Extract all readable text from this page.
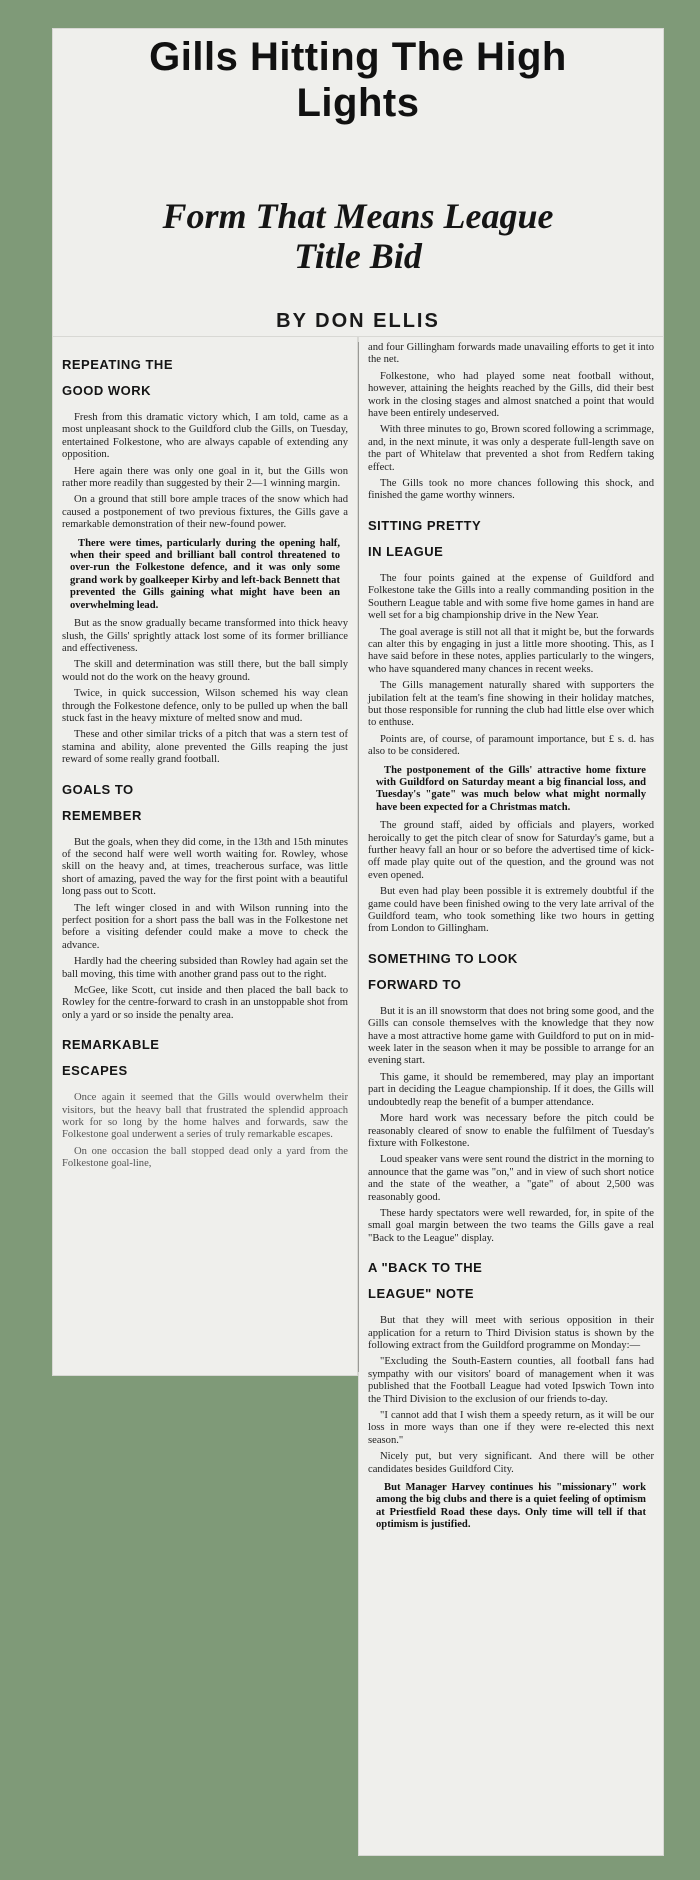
Gills Hitting The High
Lights
Form That Means League
Title Bid
BY DON ELLIS
REPEATING THE
GOOD WORK

Fresh from this dramatic victory which, I am told, came as a most unpleasant shock to the Guildford club the Gills, on Tuesday, entertained Folkestone, who are always capable of extending any opposition.

Here again there was only one goal in it, but the Gills won rather more readily than suggested by their 2—1 winning margin.

On a ground that still bore ample traces of the snow which had caused a postponement of two previous fixtures, the Gills gave a remarkable demonstration of their new-found power.

There were times, particularly during the opening half, when their speed and brilliant ball control threatened to over-run the Folkestone defence, and it was only some grand work by goalkeeper Kirby and left-back Bennett that prevented the Gills gaining what might have been an overwhelming lead.

But as the snow gradually became transformed into thick heavy slush, the Gills' sprightly attack lost some of its former brilliance and effectiveness.

The skill and determination was still there, but the ball simply would not do the work on the heavy ground.

Twice, in quick succession, Wilson schemed his way clean through the Folkestone defence, only to be pulled up when the ball stuck fast in the heavy mixture of melted snow and mud.

These and other similar tricks of a pitch that was a stern test of stamina and ability, alone prevented the Gills reaping the just reward of some really grand football.

GOALS TO
REMEMBER

But the goals, when they did come, in the 13th and 15th minutes of the second half were well worth waiting for. Rowley, whose skill on the heavy and, at times, treacherous surface, was little short of amazing, paved the way for the first point with a beautiful long pass out to Scott.

The left winger closed in and with Wilson running into the perfect position for a short pass the ball was in the Folkestone net before a visiting defender could make a move to check the advance.

Hardly had the cheering subsided than Rowley had again set the ball moving, this time with another grand pass out to the right.

McGee, like Scott, cut inside and then placed the ball back to Rowley for the centre-forward to crash in an unstoppable shot from only a yard or so inside the penalty area.

REMARKABLE
ESCAPES

Once again it seemed that the Gills would overwhelm their visitors, but the heavy ball that frustrated the splendid approach work for so long by the home halves and forwards, saw the Folkestone goal underwent a series of truly remarkable escapes.

On one occasion the ball stopped dead only a yard from the Folkestone goal-line,

and four Gillingham forwards made unavailing efforts to get it into the net.

Folkestone, who had played some neat football without, however, attaining the heights reached by the Gills, did their best work in the closing stages and almost snatched a point that would have been entirely undeserved.

With three minutes to go, Brown scored following a scrimmage, and, in the next minute, it was only a desperate full-length save on the part of Whitelaw that prevented a shot from Redfern taking effect.

The Gills took no more chances following this shock, and finished the game worthy winners.

SITTING PRETTY
IN LEAGUE

The four points gained at the expense of Guildford and Folkestone take the Gills into a really commanding position in the Southern League table and with some five home games in hand are well set for a big championship drive in the New Year.

The goal average is still not all that it might be, but the forwards can alter this by engaging in just a little more shooting. This, as I have said before in these notes, applies particularly to the wingers, who have squandered many chances in recent weeks.

The Gills management naturally shared with supporters the jubilation felt at the team's fine showing in their holiday matches, but those responsible for running the club had little else over which to enthuse.

Points are, of course, of paramount importance, but £ s. d. has also to be considered.

The postponement of the Gills' attractive home fixture with Guildford on Saturday meant a big financial loss, and Tuesday's "gate" was much below what might normally have been expected for a Christmas match.

The ground staff, aided by officials and players, worked heroically to get the pitch clear of snow for Saturday's game, but a further heavy fall an hour or so before the advertised time of kick-off made play quite out of the question, and the ground was not even opened.

But even had play been possible it is extremely doubtful if the game could have been finished owing to the very late arrival of the Guildford team, who took something like two hours in getting from London to Gillingham.

SOMETHING TO LOOK
FORWARD TO

But it is an ill snowstorm that does not bring some good, and the Gills can console themselves with the knowledge that they now have a most attractive home game with Guildford to put on in mid-week later in the season when it may be possible to arrange for an evening start.

This game, it should be remembered, may play an important part in deciding the League championship. If it does, the Gills will undoubtedly reap the benefit of a bumper attendance.

More hard work was necessary before the pitch could be reasonably cleared of snow to enable the fulfilment of Tuesday's fixture with Folkestone.

Loud speaker vans were sent round the district in the morning to announce that the game was "on," and in view of such short notice and the state of the weather, a "gate" of about 2,500 was reasonably good.

These hardy spectators were well rewarded, for, in spite of the small goal margin between the two teams the Gills gave a real "Back to the League" display.

A "BACK TO THE
LEAGUE" NOTE

But that they will meet with serious opposition in their application for a return to Third Division status is shown by the following extract from the Guildford programme on Monday:—

"Excluding the South-Eastern counties, all football fans had sympathy with our visitors' board of management when it was published that the Football League had voted Ipswich Town into the Third Division to the exclusion of our friends to-day.

"I cannot add that I wish them a speedy return, as it will be our loss in more ways than one if they were re-elected this next season."

Nicely put, but very significant. And there will be other candidates besides Guildford City.

But Manager Harvey continues his "missionary" work among the big clubs and there is a quiet feeling of optimism at Priestfield Road these days. Only time will tell if that optimism is justified.
